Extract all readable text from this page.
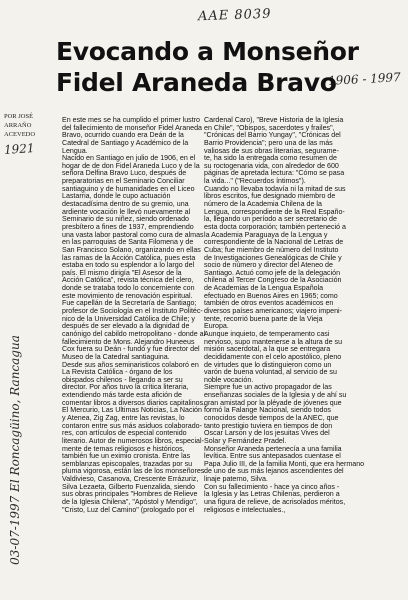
AAE 8039
1906 - 1997
1921
03-07-1997 El Roncagüino, Rancagua
Evocando a Monseñor
Fidel Araneda Bravo
POR JOSÉ
ARRAÑO
ACEVEDO
En este mes se ha cumplido el primer lustro
del fallecimiento de monseñor Fidel Araneda
Bravo, ocurrido cuando era Deán de la
Catedral de Santiago y Académico de la
Lengua.
Nacido en Santiago en julio de 1906, en el
hogar de de don Fidel Araneda Luco y de la
señora Delfina Bravo Luco, después de
preparatorias en el Seminario Conciliar
santiaguino y de humanidades en el Liceo
Lastarria, donde le cupo actuación
destacadísima dentro de su gremio, una
ardiente vocación le llevó nuevamente al
Seminario de su niñez, siendo ordenado
presbítero a fines de 1937, emprendiendo
una vasta labor pastoral como cura de almas
en las parroquias de Santa Filomena y de
San Francisco Solano, organizando en ellas
las ramas de la Acción Católica, pues esta
estaba en todo su esplendor a lo largo del
país. El mismo dirigía "El Asesor de la
Acción Católica", revista técnica del clero,
donde se trataba todo lo concerniente con
este movimiento de renovación espiritual.
Fue capellán de la Secretaría de Santiago;
profesor de Sociología en el Instituto Politéc-
nico de la Universidad Católica de Chile; y
después de ser elevado a la dignidad de
canónigo del cabildo metropolitano - donde al
fallecimiento de Mons. Alejandro Huneeus
Cox fuera su Deán - fundó y fue director del
Museo de la Catedral santiaguina.
Desde sus años seminaristicos colaboró en
La Revista Católica - órgano de los
obispados chilenos - llegando a ser su
director. Por años tuvo la crítica literaria,
extendiendo más tarde esta afición de
comentar libros a diversos diarios capitalinos.
El Mercurio, Las Ultimas Noticias, La Nación
y Atenea, Zig Zag, entre las revistas, lo
contaron entre sus más asiduos colaborado-
res, con artículos de especial contenido
literario. Autor de numerosos libros, especial-
mente de temas religiosos e históricos,
también fue un eximio cronista. Entre las
semblanzas episcopales, trazadas por su
pluma vigorosa, están las de los monseñores
Valdivieso, Casanova, Crescente Errázuriz,
Silva Lezaeta, Gilberto Fuenzalida, siendo
sus obras principales "Hombres de Relieve
de la Iglesia Chilena", "Apóstol y Mendigo",
"Cristo, Luz del Camino" (prologado por el
Cardenal Caro), "Breve Historia de la Iglesia
en Chile", "Obispos, sacerdotes y frailes",
"Crónicas del Barrio Yungay", "Crónicas del
Barrio Providencia"; pero una de las más
valiosas de sus obras literarias, segurame-
te, ha sido la entregada como resumen de
su roctogenaria vida, con alrededor de 600
páginas de apretada lectura: "Cómo se pasa
la vida..." ("Recuerdos íntimos").
Cuando no llevaba todavía ni la mitad de sus
libros escritos, fue designado miembro de
número de la Academia Chilena de la
Lengua, correspondiente de la Real Españo-
la, llegando un período a ser secretario de
esta docta corporación; también perteneció a
la Academia Paraguaya de la Lengua y
correspondiente de la Nacional de Letras de
Cuba; fue miembro de número del Instituto
de Investigaciones Genealógicas de Chile y
socio de número y director del Ateneo de
Santiago. Actuó como jefe de la delegación
chilena al Tercer Congreso de la Asociación
de Academias de la Lengua Española
efectuado en Buenos Aires en 1965; como
también de otros eventos académicos en
diversos países americanos; viajero impeni-
tente, recorrió buena parte de la Vieja
Europa.
Aunque inquieto, de temperamento casi
nervioso, supo mantenerse a la altura de su
misión sacerdotal, a la que se entregara
decididamente con el celo apostólico, pleno
de virtudes que lo distinguieron como un
varón de buena voluntad, al servicio de su
noble vocación.
Siempre fue un activo propagador de las
enseñanzas sociales de la Iglesia y de ahí su
gran amistad por la pléyade de jóvenes que
formó la Falange Nacional, siendo todos
conocidos desde tiempos de la ANEC, que
tanto prestigio tuviera en tiempos de don
Oscar Larson y de los jesuitas Vives del
Solar y Fernández Pradel.
Monseñor Araneda pertenecía a una familia
levítica. Entre sus antepasados cuentase el
Papa Julio III, de la familia Monti, que era hermano
de uno de sus más lejanos ascendientes del
linaje paterno, Silva.
Con su fallecimiento - hace ya cinco años -
la Iglesia y las Letras Chilenas, perdieron a
una figura de relieve, de acrisolados méritos,
religiosos e intelectuales.,
